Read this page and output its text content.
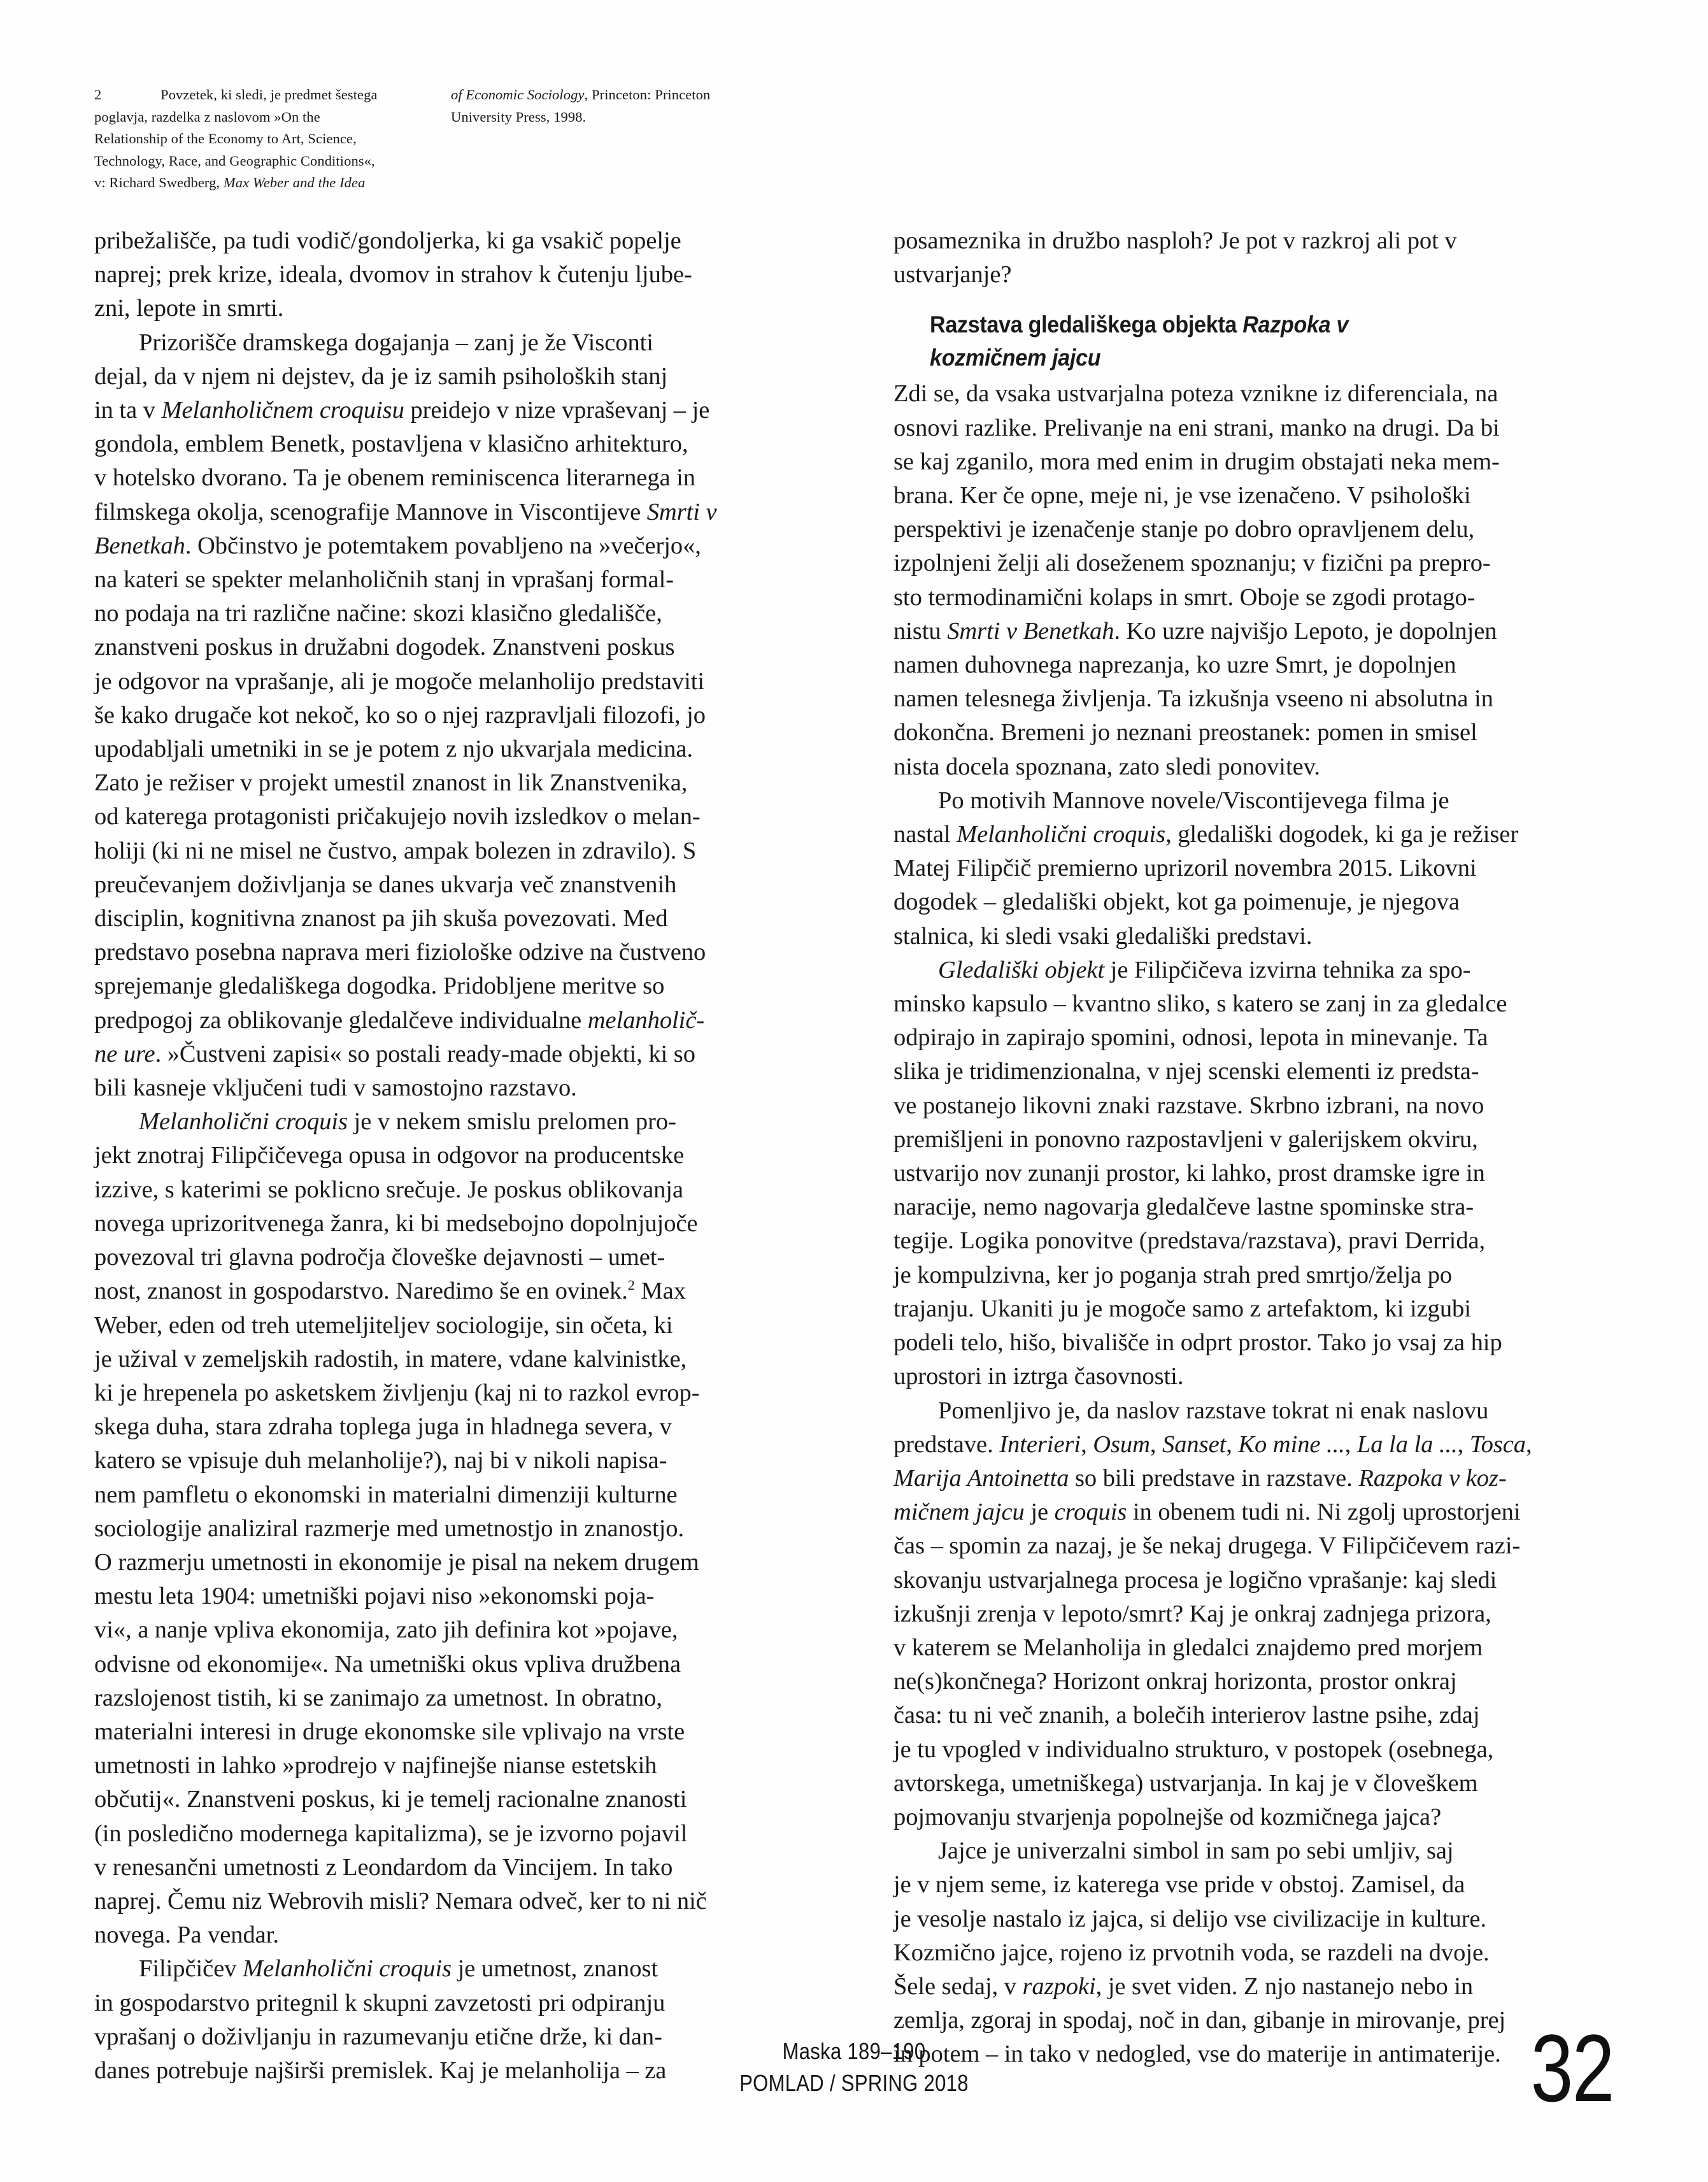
2	Povzetek, ki sledi, je predmet šestega
poglavja, razdelka z naslovom »On the
Relationship of the Economy to Art, Science,
Technology, Race, and Geographic Conditions«,
v: Richard Swedberg, Max Weber and the Idea

of Economic Sociology, Princeton: Princeton
University Press, 1998.
pribežališče, pa tudi vodič/gondoljerka, ki ga vsakič popelje
naprej; prek krize, ideala, dvomov in strahov k čutenju ljube-
zni, lepote in smrti.
Prizorišče dramskega dogajanja – zanj je že Visconti
dejal, da v njem ni dejstev, da je iz samih psiholoških stanj
in ta v Melanholičnem croquisu preidejo v nize vpraševanj – je
gondola, emblem Benetk, postavljena v klasično arhitekturo,
v hotelsko dvorano. Ta je obenem reminiscenca literarnega in
filmskega okolja, scenografije Mannove in Viscontijeve Smrti v
Benetkah. Občinstvo je potemtakem povabljeno na »večerjo«,
na kateri se spekter melanholičnih stanj in vprašanj formal-
no podaja na tri različne načine: skozi klasično gledališče,
znanstveni poskus in družabni dogodek. Znanstveni poskus
je odgovor na vprašanje, ali je mogoče melanholijo predstaviti
še kako drugače kot nekoč, ko so o njej razpravljali filozofi, jo
upodabljali umetniki in se je potem z njo ukvarjala medicina.
Zato je režiser v projekt umestil znanost in lik Znanstvenika,
od katerega protagonisti pričakujejo novih izsledkov o melan-
holiji (ki ni ne misel ne čustvo, ampak bolezen in zdravilo). S
preučevanjem doživljanja se danes ukvarja več znanstvenih
disciplin, kognitivna znanost pa jih skuša povezovati. Med
predstavo posebna naprava meri fiziološke odzive na čustveno
sprejemanje gledališkega dogodka. Pridobljene meritve so
predpogoj za oblikovanje gledalčeve individualne melanholič-
ne ure. »Čustveni zapisi« so postali ready-made objekti, ki so
bili kasneje vključeni tudi v samostojno razstavo.
Melanholični croquis je v nekem smislu prelomen pro-
jekt znotraj Filipčičevega opusa in odgovor na producentske
izzive, s katerimi se poklicno srečuje. Je poskus oblikovanja
novega uprizoritvenega žanra, ki bi medsebojno dopolnjujoče
povezoval tri glavna področja človeške dejavnosti – umet-
nost, znanost in gospodarstvo. Naredimo še en ovinek.$^2$ Max
Weber, eden od treh utemeljiteljev sociologije, sin očeta, ki
je užival v zemeljskih radostih, in matere, vdane kalvinistke,
ki je hrepenela po asketskem življenju (kaj ni to razkol evrop-
skega duha, stara zdraha toplega juga in hladnega severa, v
katero se vpisuje duh melanholije?), naj bi v nikoli napisa-
nem pamfletu o ekonomski in materialni dimenziji kulturne
sociologije analiziral razmerje med umetnostjo in znanostjo.
O razmerju umetnosti in ekonomije je pisal na nekem drugem
mestu leta 1904: umetniški pojavi niso »ekonomski poja-
vi«, a nanje vpliva ekonomija, zato jih definira kot »pojave,
odvisne od ekonomije«. Na umetniški okus vpliva družbena
razslojenost tistih, ki se zanimajo za umetnost. In obratno,
materialni interesi in druge ekonomske sile vplivajo na vrste
umetnosti in lahko »prodrejo v najfinejše nianse estetskih
občutij«. Znanstveni poskus, ki je temelj racionalne znanosti
(in posledično modernega kapitalizma), se je izvorno pojavil
v renesančni umetnosti z Leondardom da Vincijem. In tako
naprej. Čemu niz Webrovih misli? Nemara odveč, ker to ni nič
novega. Pa vendar.
Filipčičev Melanholični croquis je umetnost, znanost
in gospodarstvo pritegnil k skupni zavzetosti pri odpiranju
vprašanj o doživljanju in razumevanju etične drže, ki dan-
danes potrebuje najširši premislek. Kaj je melanholija – za
posameznika in družbo nasploh? Je pot v razkroj ali pot v
ustvarjanje?
Razstava gledališkega objekta Razpoka v
kozmičnem jajcu
Zdi se, da vsaka ustvarjalna poteza vznikne iz diferenciala, na
osnovi razlike. Prelivanje na eni strani, manko na drugi. Da bi
se kaj zganilo, mora med enim in drugim obstajati neka mem-
brana. Ker če opne, meje ni, je vse izenačeno. V psihološki
perspektivi je izenačenje stanje po dobro opravljenem delu,
izpolnjeni želji ali doseženem spoznanju; v fizični pa prepro-
sto termodinamični kolaps in smrt. Oboje se zgodi protago-
nistu Smrti v Benetkah. Ko uzre najvišjo Lepoto, je dopolnjen
namen duhovnega naprezanja, ko uzre Smrt, je dopolnjen
namen telesnega življenja. Ta izkušnja vseeno ni absolutna in
dokončna. Bremeni jo neznani preostanek: pomen in smisel
nista docela spoznana, zato sledi ponovitev.
Po motivih Mannove novele/Viscontijevega filma je
nastal Melanholični croquis, gledališki dogodek, ki ga je režiser
Matej Filipčič premierno uprizoril novembra 2015. Likovni
dogodek – gledališki objekt, kot ga poimenuje, je njegova
stalnica, ki sledi vsaki gledališki predstavi.
Gledališki objekt je Filipčičeva izvirna tehnika za spo-
minsko kapsulo – kvantno sliko, s katero se zanj in za gledalce
odpirajo in zapirajo spomini, odnosi, lepota in minevanje. Ta
slika je tridimenzionalna, v njej scenski elementi iz predsta-
ve postanejo likovni znaki razstave. Skrbno izbrani, na novo
premišljeni in ponovno razpostavljeni v galerijskem okviru,
ustvarijo nov zunanji prostor, ki lahko, prost dramske igre in
naracije, nemo nagovarja gledalčeve lastne spominske stra-
tegije. Logika ponovitve (predstava/razstava), pravi Derrida,
je kompulzivna, ker jo poganja strah pred smrtjo/želja po
trajanju. Ukaniti ju je mogoče samo z artefaktom, ki izgubi
podeli telo, hišo, bivališče in odprt prostor. Tako jo vsaj za hip
uprostori in iztrga časovnosti.
Pomenljivo je, da naslov razstave tokrat ni enak naslovu
predstave. Interieri, Osum, Sanset, Ko mine ..., La la la ..., Tosca,
Marija Antoinetta so bili predstave in razstave. Razpoka v koz-
mičnem jajcu je croquis in obenem tudi ni. Ni zgolj uprostorjeni
čas – spomin za nazaj, je še nekaj drugega. V Filipčičevem razi-
skovanju ustvarjalnega procesa je logično vprašanje: kaj sledi
izkušnji zrenja v lepoto/smrt? Kaj je onkraj zadnjega prizora,
v katerem se Melanholija in gledalci znajdemo pred morjem
ne(s)končnega? Horizont onkraj horizonta, prostor onkraj
časa: tu ni več znanih, a bolečih interierov lastne psihe, zdaj
je tu vpogled v individualno strukturo, v postopek (osebnega,
avtorskega, umetniškega) ustvarjanja. In kaj je v človeškem
pojmovanju stvarjenja popolnejše od kozmičnega jajca?
Jajce je univerzalni simbol in sam po sebi umljiv, saj
je v njem seme, iz katerega vse pride v obstoj. Zamisel, da
je vesolje nastalo iz jajca, si delijo vse civilizacije in kulture.
Kozmično jajce, rojeno iz prvotnih voda, se razdeli na dvoje.
Šele sedaj, v razpoki, je svet viden. Z njo nastanejo nebo in
zemlja, zgoraj in spodaj, noč in dan, gibanje in mirovanje, prej
in potem – in tako v nedogled, vse do materije in antimaterije.
Maska 189–190
POMLAD / SPRING 2018	32
